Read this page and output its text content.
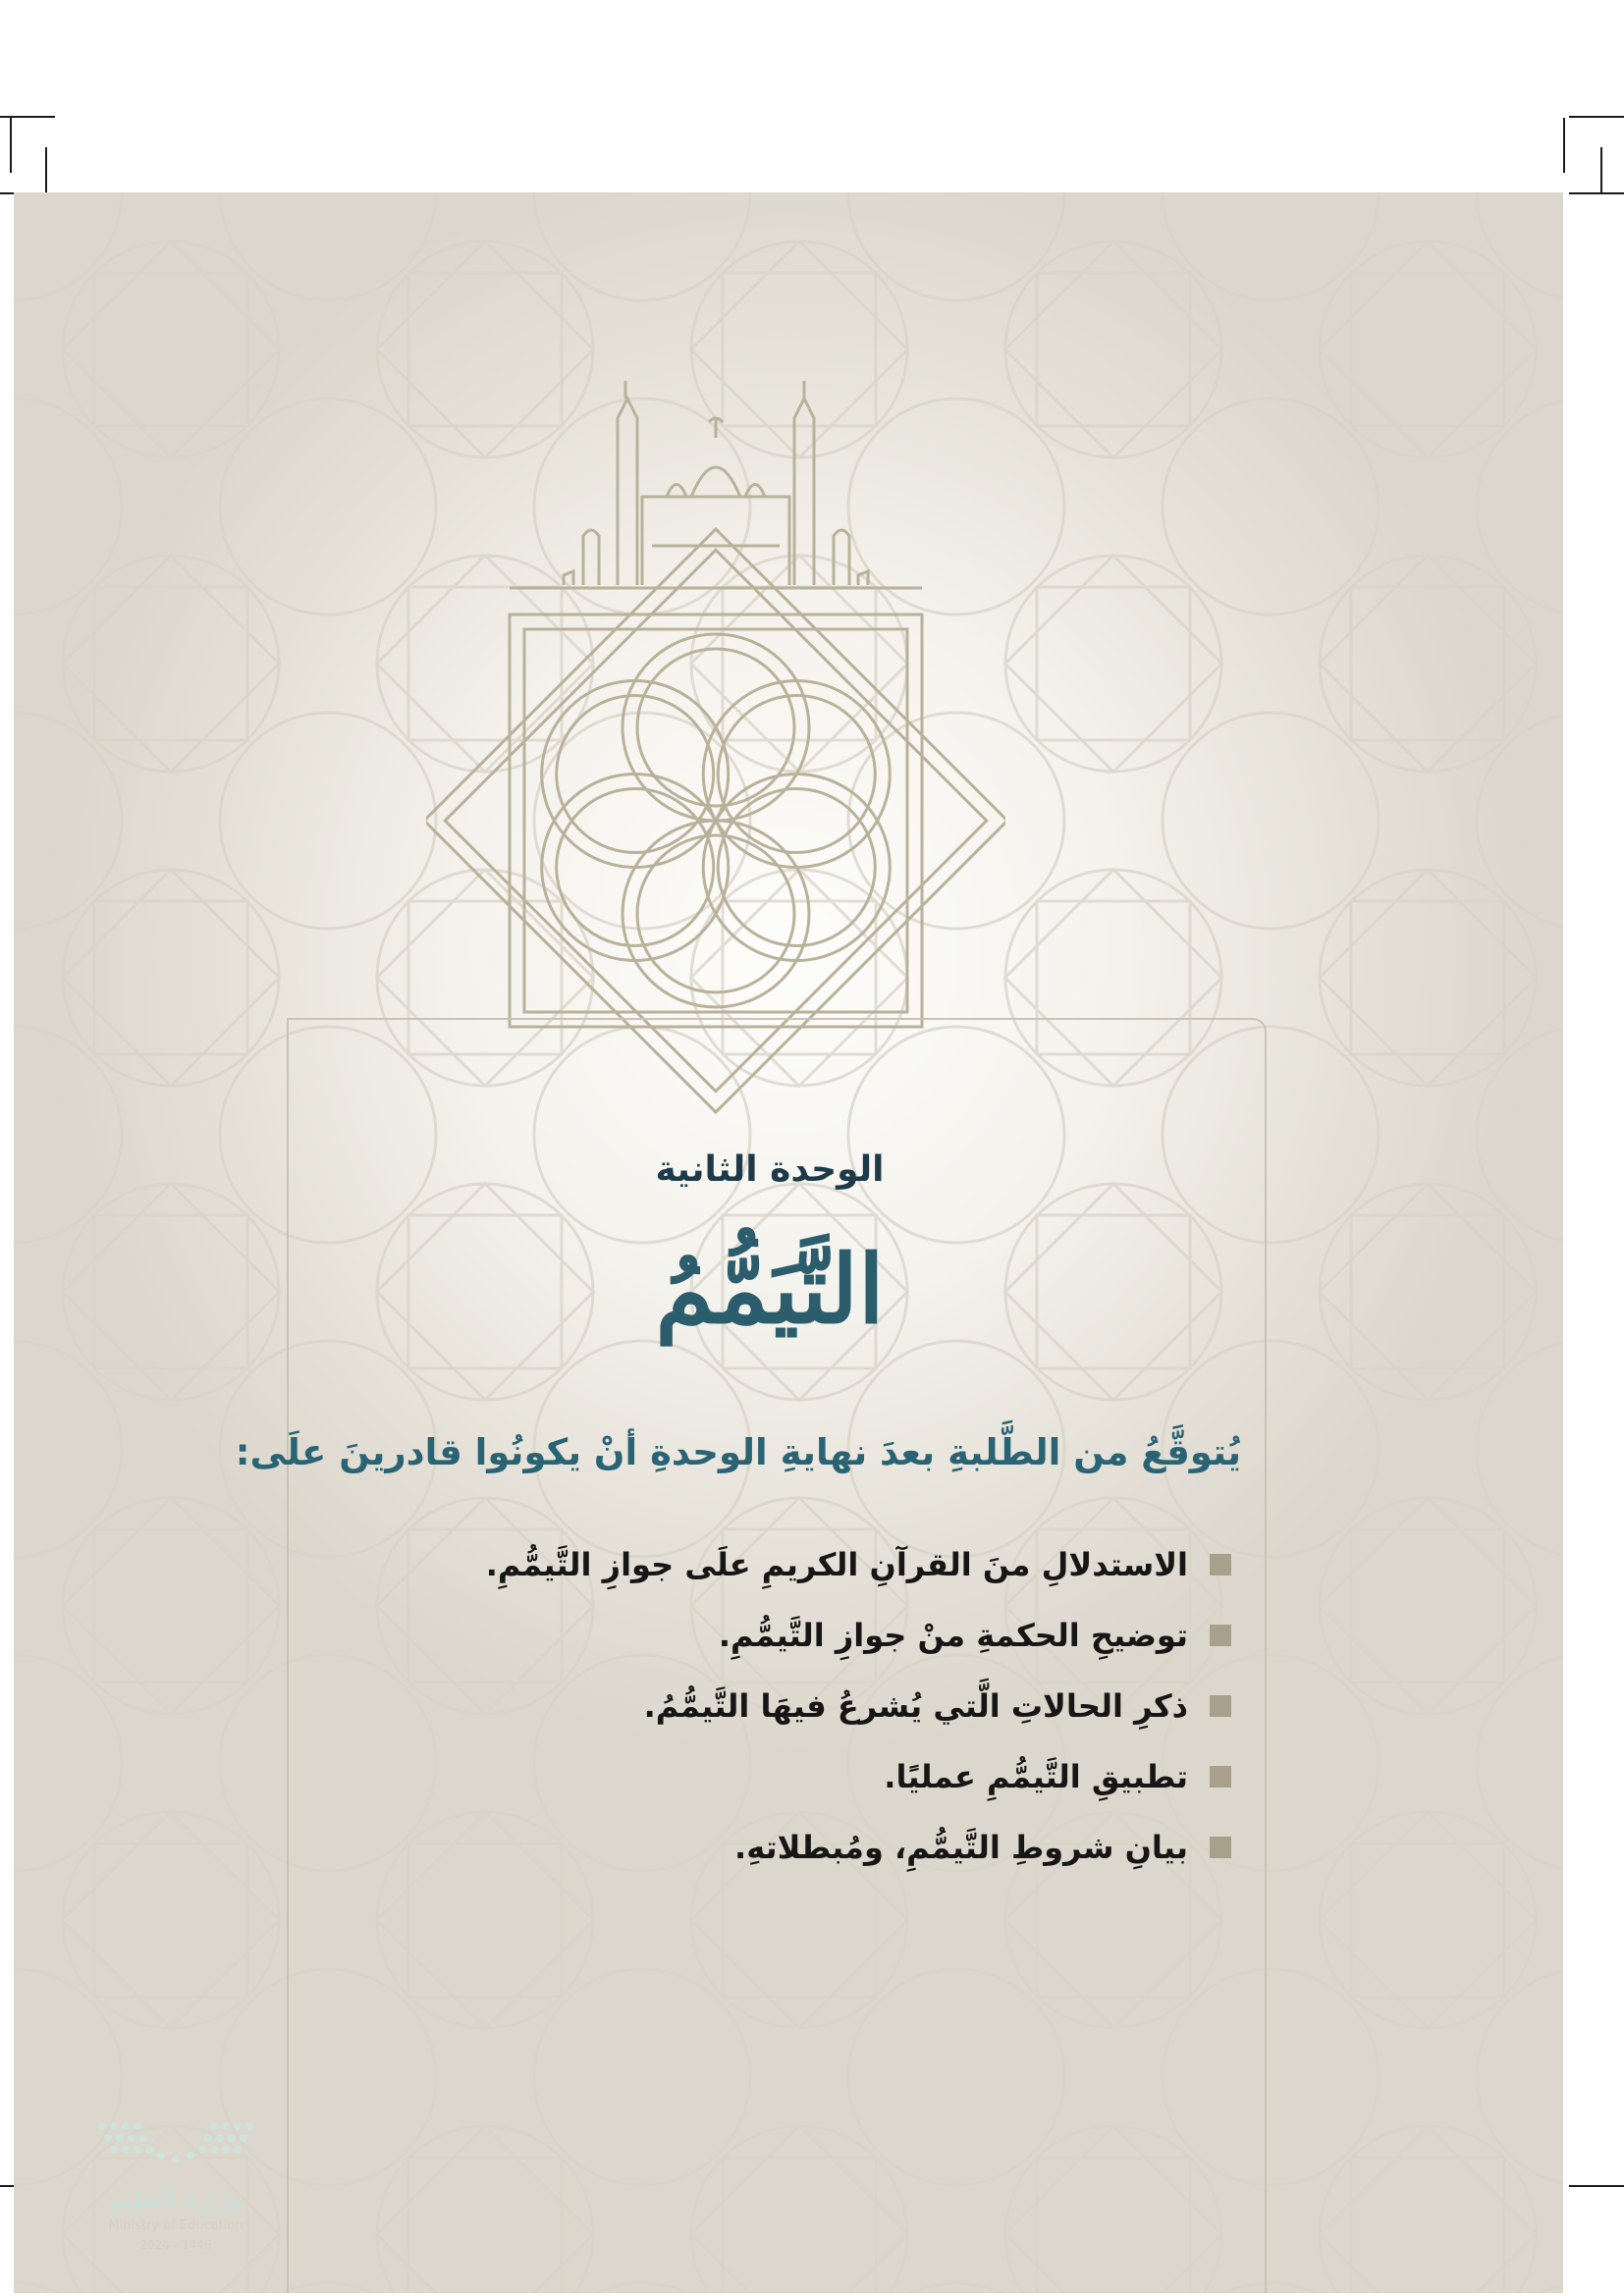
الوحدة الثانية
التَّيَمُّمُ
يُتوقَّعُ من الطَّلبةِ بعدَ نهايةِ الوحدةِ أنْ يكونُوا قادرينَ علَى:
الاستدلالِ منَ القرآنِ الكريمِ علَى جوازِ التَّيمُّمِ.
توضيحِ الحكمةِ منْ جوازِ التَّيمُّمِ.
ذكرِ الحالاتِ الَّتي يُشرعُ فيهَا التَّيمُّمُ.
تطبيقِ التَّيمُّمِ عمليًا.
بيانِ شروطِ التَّيمُّمِ، ومُبطلاتهِ.
وزارة التعليم
Ministry of Education
2024 - 1446
